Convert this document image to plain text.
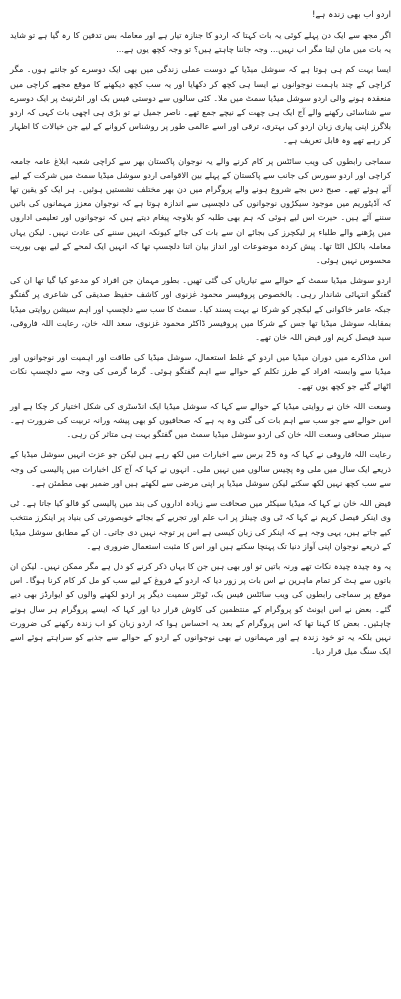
اردو اب بھی زندہ ہے!

اگر مجھ سے ایک دن پہلے کوئی یہ بات کہتا کہ اردو کا جنازہ تیار ہے اور معاملہ بس تدفین کا رہ گیا ہے تو شاید یہ بات میں مان لیتا مگر اب نہیں... وجہ جاننا چاہتے ہیں؟ تو وجہ کچھ یوں ہے...

ایسا بہت کم ہی ہوتا ہے کہ سوشل میڈیا کے دوست عملی زندگی میں بھی ایک دوسرے کو جانتے ہوں۔ مگر کراچی کے چند باہمت نوجوانوں نے ایسا ہی کچھ کر دکھایا اور یہ سب کچھ دیکھنے کا موقع مجھے کراچی میں منعقدہ ہونے والی اردو سوشل میڈیا سمٹ میں ملا۔ کئی سالوں سے دوستی فیس بک اور انٹرنیٹ پر ایک دوسرے سے شناسائی رکھنے والے آج ایک ہی چھت کے نیچے جمع تھے۔ ناصر جمیل نے تو بڑی ہی اچھی بات کہی کہ اردو بلاگرز اپنی پیاری زبان اردو کی بہتری، ترقی اور اسے عالمی طور پر روشناس کروانے کے لیے جن خیالات کا اظہار کر رہے تھے وہ قابل تعریف ہے۔

سماجی رابطوں کی ویب سائٹس پر کام کرنے والے یہ نوجوان پاکستان بھر سے کراچی شعبہ ابلاغ عامہ جامعہ کراچی اور اردو سورس کی جانب سے پاکستان کے پہلے بین الاقوامی اردو سوشل میڈیا سمٹ میں شرکت کے لیے آئے ہوئے تھے۔ صبح دس بجے شروع ہونے والے پروگرام میں دن بھر مختلف نشستیں ہوئیں۔ ہر ایک کو یقین تھا کہ آڈیٹوریم میں موجود سیکڑوں نوجوانوں کی دلچسپی سے اندازہ ہوتا ہے کہ نوجوان معزز مہمانوں کی باتیں سننے آئے ہیں۔ حیرت اس لیے ہوئی کہ ہم بھی طلبہ کو بلاوجہ پیغام دیتے ہیں کہ نوجوانوں اور تعلیمی اداروں میں پڑھنے والے طلباء پر لیکچرز کی بجائے ان سے بات کی جائے کیونکہ انہیں سننے کی عادت نہیں۔ لیکن یہاں معاملہ بالکل الٹا تھا۔ پیش کردہ موضوعات اور انداز بیان اتنا دلچسپ تھا کہ انہیں ایک لمحے کے لیے بھی بوریت محسوس نہیں ہوئی۔

اردو سوشل میڈیا سمٹ کے حوالے سے تیاریاں کی گئی تھیں۔ بطور مہمان جن افراد کو مدعو کیا گیا تھا ان کی گفتگو انتہائی شاندار رہی۔ بالخصوص پروفیسر محمود غزنوی اور کاشف حفیظ صدیقی کی شاعری پر گفتگو جبکہ عامر خاکوانی کے لیکچر کو شرکا نے بہت پسند کیا۔ سمٹ کا سب سے دلچسپ اور اہم سیشن روایتی میڈیا بمقابلہ سوشل میڈیا تھا جس کے شرکا میں پروفیسر ڈاکٹر محمود غزنوی، سعد اللہ خان، رعایت اللہ فاروقی، سید فیصل کریم اور فیض اللہ خان تھے۔

اس مذاکرے میں دوران میڈیا میں اردو کے غلط استعمال، سوشل میڈیا کی طاقت اور اہمیت اور نوجوانوں اور میڈیا سے وابستہ افراد کے طرز تکلم کے حوالے سے اہم گفتگو ہوئی۔ گرما گرمی کی وجہ سے دلچسپ نکات اٹھائے گئے جو کچھ یوں تھے۔

وسعت اللہ خان نے روایتی میڈیا کے حوالے سے کہا کہ سوشل میڈیا ایک انڈسٹری کی شکل اختیار کر چکا ہے اور اس حوالے سے جو سب سے اہم بات کی گئی وہ یہ ہے کہ صحافیوں کو بھی پیشہ ورانہ تربیت کی ضرورت ہے۔ سینئر صحافی وسعت اللہ خان کی اردو سوشل میڈیا سمٹ میں گفتگو بہت ہی متاثر کن رہی۔

رعایت اللہ فاروقی نے کہا کہ وہ 25 برس سے اخبارات میں لکھ رہے ہیں لیکن جو عزت انہیں سوشل میڈیا کے ذریعے ایک سال میں ملی وہ پچیس سالوں میں نہیں ملی۔ انہوں نے کہا کہ آج کل اخبارات میں پالیسی کی وجہ سے سب کچھ نہیں لکھ سکتے لیکن سوشل میڈیا پر اپنی مرضی سے لکھتے ہیں اور ضمیر بھی مطمئن ہے۔

فیض اللہ خان نے کہا کہ میڈیا سیکٹر میں صحافت سے زیادہ اداروں کی بند میں پالیسی کو فالو کیا جاتا ہے۔ ٹی وی اینکر فیصل کریم نے کہا کہ ٹی وی چینلز پر اب علم اور تجربے کے بجائے خوبصورتی کی بنیاد پر اینکرز منتخب کیے جاتے ہیں، یہی وجہ ہے کہ اینکر کی زبان کیسی ہے اس پر توجہ نہیں دی جاتی۔ ان کے مطابق سوشل میڈیا کے ذریعے نوجوان اپنی آواز دنیا تک پہنچا سکتے ہیں اور اس کا مثبت استعمال ضروری ہے۔

یہ وہ چیدہ چیدہ نکات تھے ورنہ باتیں تو اور بھی ہیں جن کا یہاں ذکر کرنے کو دل ہے مگر ممکن نہیں۔ لیکن ان باتوں سے ہٹ کر تمام ماہرین نے اس بات پر زور دیا کہ اردو کے فروغ کے لیے سب کو مل کر کام کرنا ہوگا۔ اس موقع پر سماجی رابطوں کی ویب سائٹس فیس بک، ٹوئٹر سمیت دیگر پر اردو لکھنے والوں کو ایوارڈز بھی دیے گئے۔ بعض نے اس ایونٹ کو پروگرام کے منتظمین کی کاوش قرار دیا اور کہا کہ ایسے پروگرام ہر سال ہونے چاہئیں۔ بعض کا کہنا تھا کہ اس پروگرام کے بعد یہ احساس ہوا کہ اردو زبان کو اب زندہ رکھنے کی ضرورت نہیں بلکہ یہ تو خود زندہ ہے اور مہمانوں نے بھی نوجوانوں کے اردو کے حوالے سے جذبے کو سراہتے ہوئے اسے ایک سنگ میل قرار دیا۔
